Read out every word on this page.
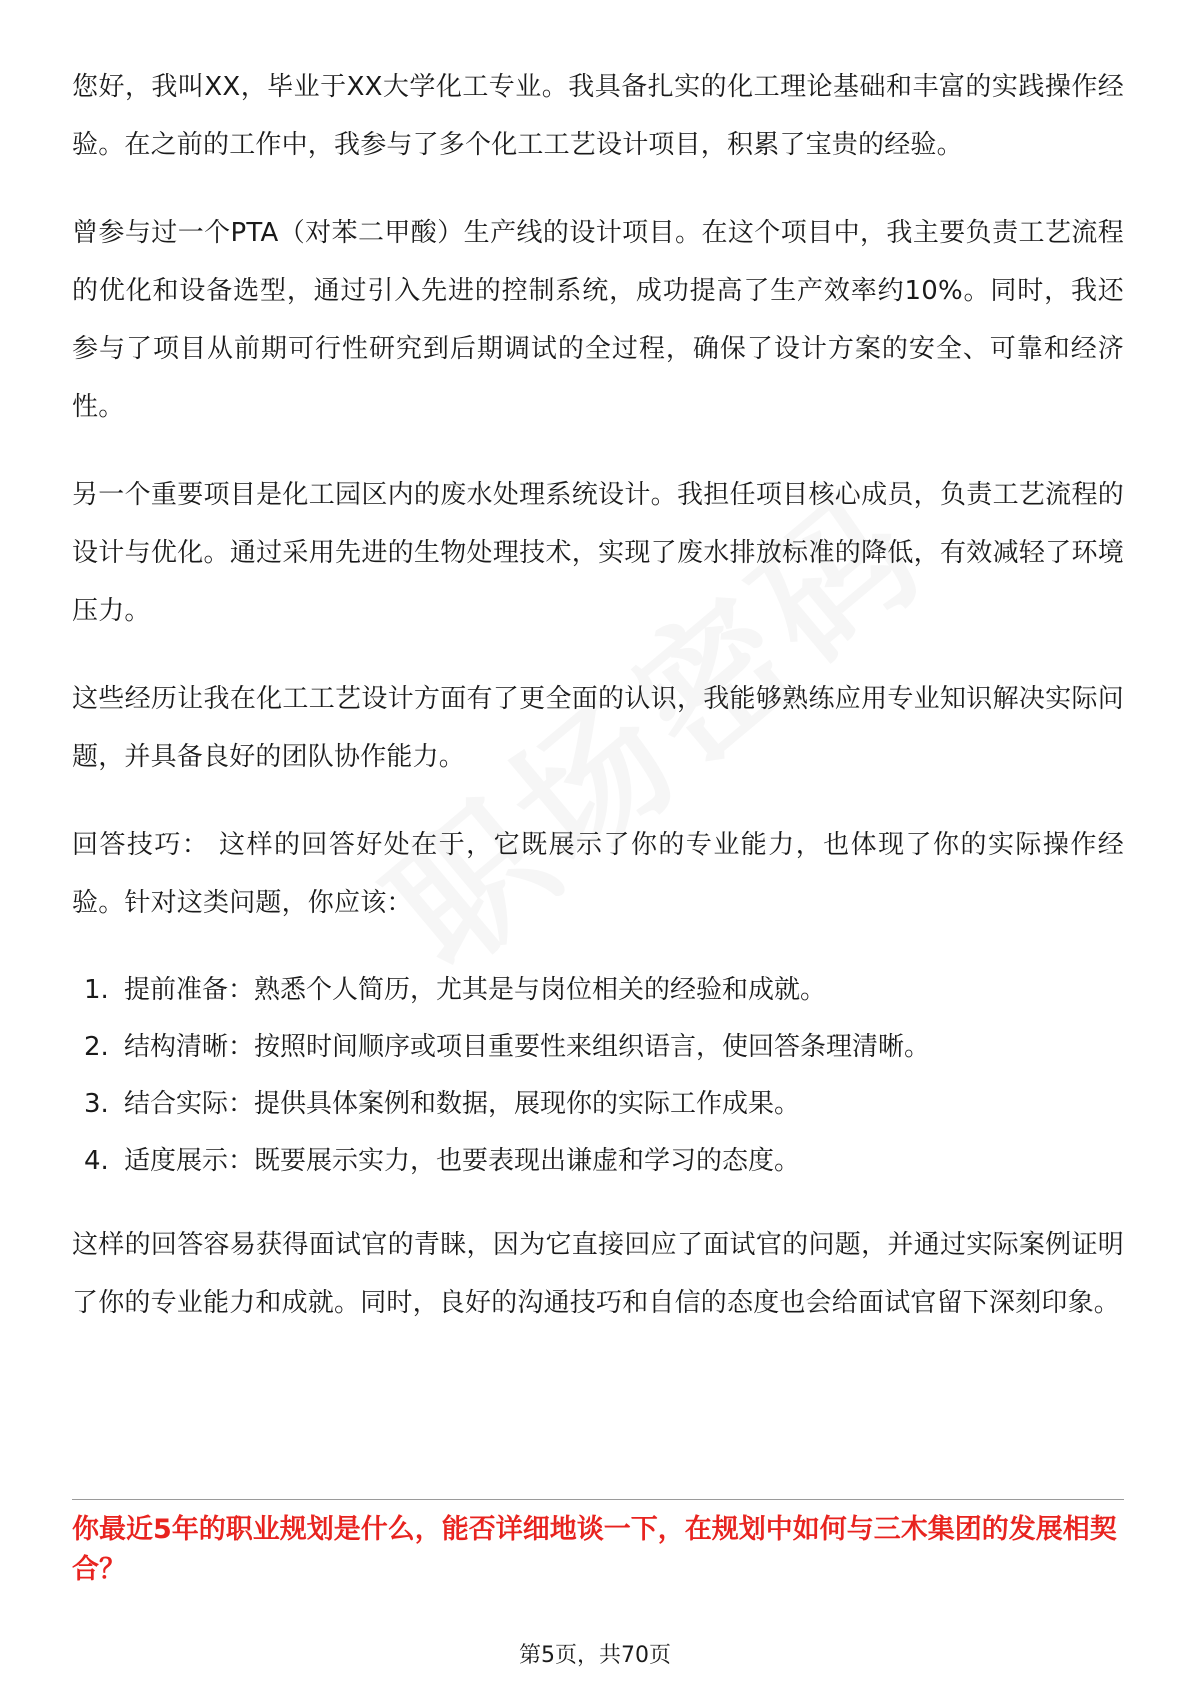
您好，我叫XX，毕业于XX大学化工专业。我具备扎实的化工理论基础和丰富的实践操作经验。在之前的工作中，我参与了多个化工工艺设计项目，积累了宝贵的经验。

曾参与过一个PTA（对苯二甲酸）生产线的设计项目。在这个项目中，我主要负责工艺流程的优化和设备选型，通过引入先进的控制系统，成功提高了生产效率约10%。同时，我还参与了项目从前期可行性研究到后期调试的全过程，确保了设计方案的安全、可靠和经济性。

另一个重要项目是化工园区内的废水处理系统设计。我担任项目核心成员，负责工艺流程的设计与优化。通过采用先进的生物处理技术，实现了废水排放标准的降低，有效减轻了环境压力。

这些经历让我在化工工艺设计方面有了更全面的认识，我能够熟练应用专业知识解决实际问题，并具备良好的团队协作能力。

回答技巧： 这样的回答好处在于，它既展示了你的专业能力，也体现了你的实际操作经验。针对这类问题，你应该：

1. 提前准备：熟悉个人简历，尤其是与岗位相关的经验和成就。
2. 结构清晰：按照时间顺序或项目重要性来组织语言，使回答条理清晰。
3. 结合实际：提供具体案例和数据，展现你的实际工作成果。
4. 适度展示：既要展示实力，也要表现出谦虚和学习的态度。

这样的回答容易获得面试官的青睐，因为它直接回应了面试官的问题，并通过实际案例证明了你的专业能力和成就。同时，良好的沟通技巧和自信的态度也会给面试官留下深刻印象。

你最近5年的职业规划是什么，能否详细地谈一下，在规划中如何与三木集团的发展相契合？
第5页，共70页
